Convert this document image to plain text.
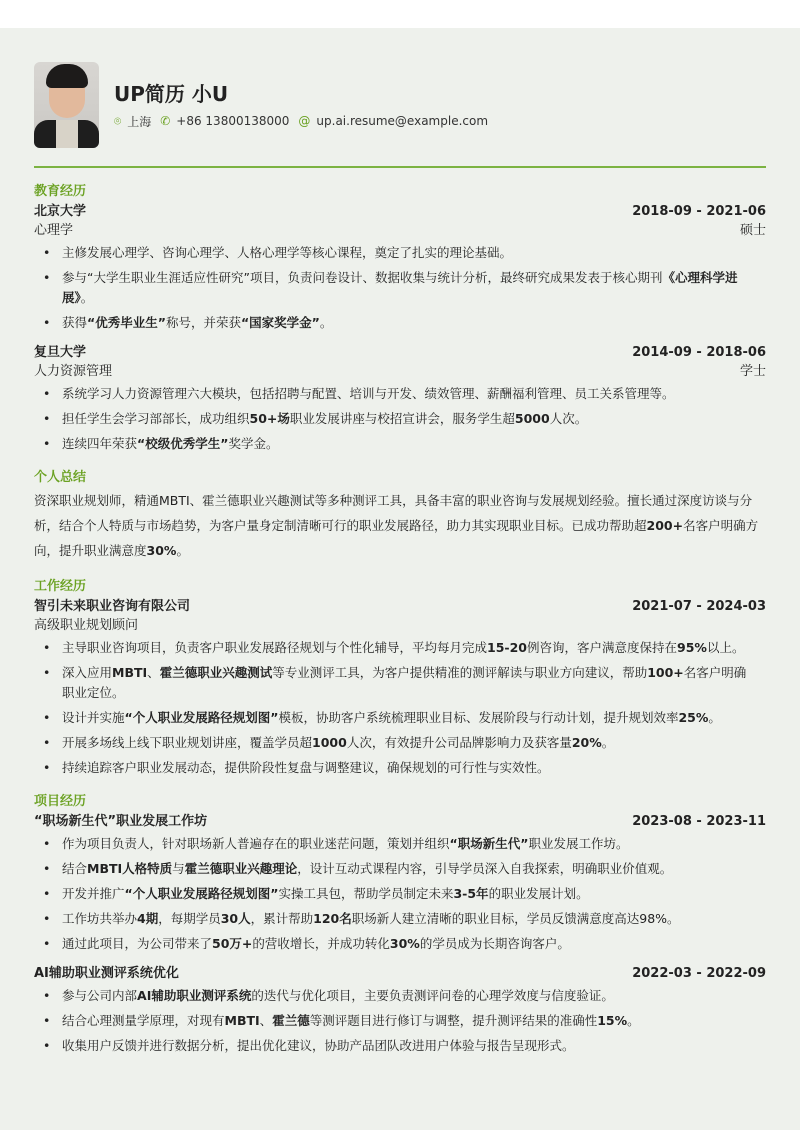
UP简历 小U
⌾ 上海 ✆ +86 13800138000 @ up.ai.resume@example.com
教育经历
北京大学	2018-09 - 2021-06
心理学	硕士
• 主修发展心理学、咨询心理学、人格心理学等核心课程，奠定了扎实的理论基础。
• 参与“大学生职业生涯适应性研究”项目，负责问卷设计、数据收集与统计分析，最终研究成果发表于核心期刊《心理科学进展》。
• 获得“优秀毕业生”称号，并荣获“国家奖学金”。
复旦大学	2014-09 - 2018-06
人力资源管理	学士
• 系统学习人力资源管理六大模块，包括招聘与配置、培训与开发、绩效管理、薪酬福利管理、员工关系管理等。
• 担任学生会学习部部长，成功组织50+场职业发展讲座与校招宣讲会，服务学生超5000人次。
• 连续四年荣获“校级优秀学生”奖学金。
个人总结
资深职业规划师，精通MBTI、霍兰德职业兴趣测试等多种测评工具，具备丰富的职业咨询与发展规划经验。擅长通过深度访谈与分析，结合个人特质与市场趋势，为客户量身定制清晰可行的职业发展路径，助力其实现职业目标。已成功帮助超200+名客户明确方向，提升职业满意度30%。
工作经历
智引未来职业咨询有限公司	2021-07 - 2024-03
高级职业规划顾问
• 主导职业咨询项目，负责客户职业发展路径规划与个性化辅导，平均每月完成15-20例咨询，客户满意度保持在95%以上。
• 深入应用MBTI、霍兰德职业兴趣测试等专业测评工具，为客户提供精准的测评解读与职业方向建议，帮助100+名客户明确职业定位。
• 设计并实施“个人职业发展路径规划图”模板，协助客户系统梳理职业目标、发展阶段与行动计划，提升规划效率25%。
• 开展多场线上线下职业规划讲座，覆盖学员超1000人次，有效提升公司品牌影响力及获客量20%。
• 持续追踪客户职业发展动态，提供阶段性复盘与调整建议，确保规划的可行性与实效性。
项目经历
“职场新生代”职业发展工作坊	2023-08 - 2023-11
• 作为项目负责人，针对职场新人普遍存在的职业迷茫问题，策划并组织“职场新生代”职业发展工作坊。
• 结合MBTI人格特质与霍兰德职业兴趣理论，设计互动式课程内容，引导学员深入自我探索，明确职业价值观。
• 开发并推广“个人职业发展路径规划图”实操工具包，帮助学员制定未来3-5年的职业发展计划。
• 工作坊共举办4期，每期学员30人，累计帮助120名职场新人建立清晰的职业目标，学员反馈满意度高达98%。
• 通过此项目，为公司带来了50万+的营收增长，并成功转化30%的学员成为长期咨询客户。
AI辅助职业测评系统优化	2022-03 - 2022-09
• 参与公司内部AI辅助职业测评系统的迭代与优化项目，主要负责测评问卷的心理学效度与信度验证。
• 结合心理测量学原理，对现有MBTI、霍兰德等测评题目进行修订与调整，提升测评结果的准确性15%。
• 收集用户反馈并进行数据分析，提出优化建议，协助产品团队改进用户体验与报告呈现形式。
